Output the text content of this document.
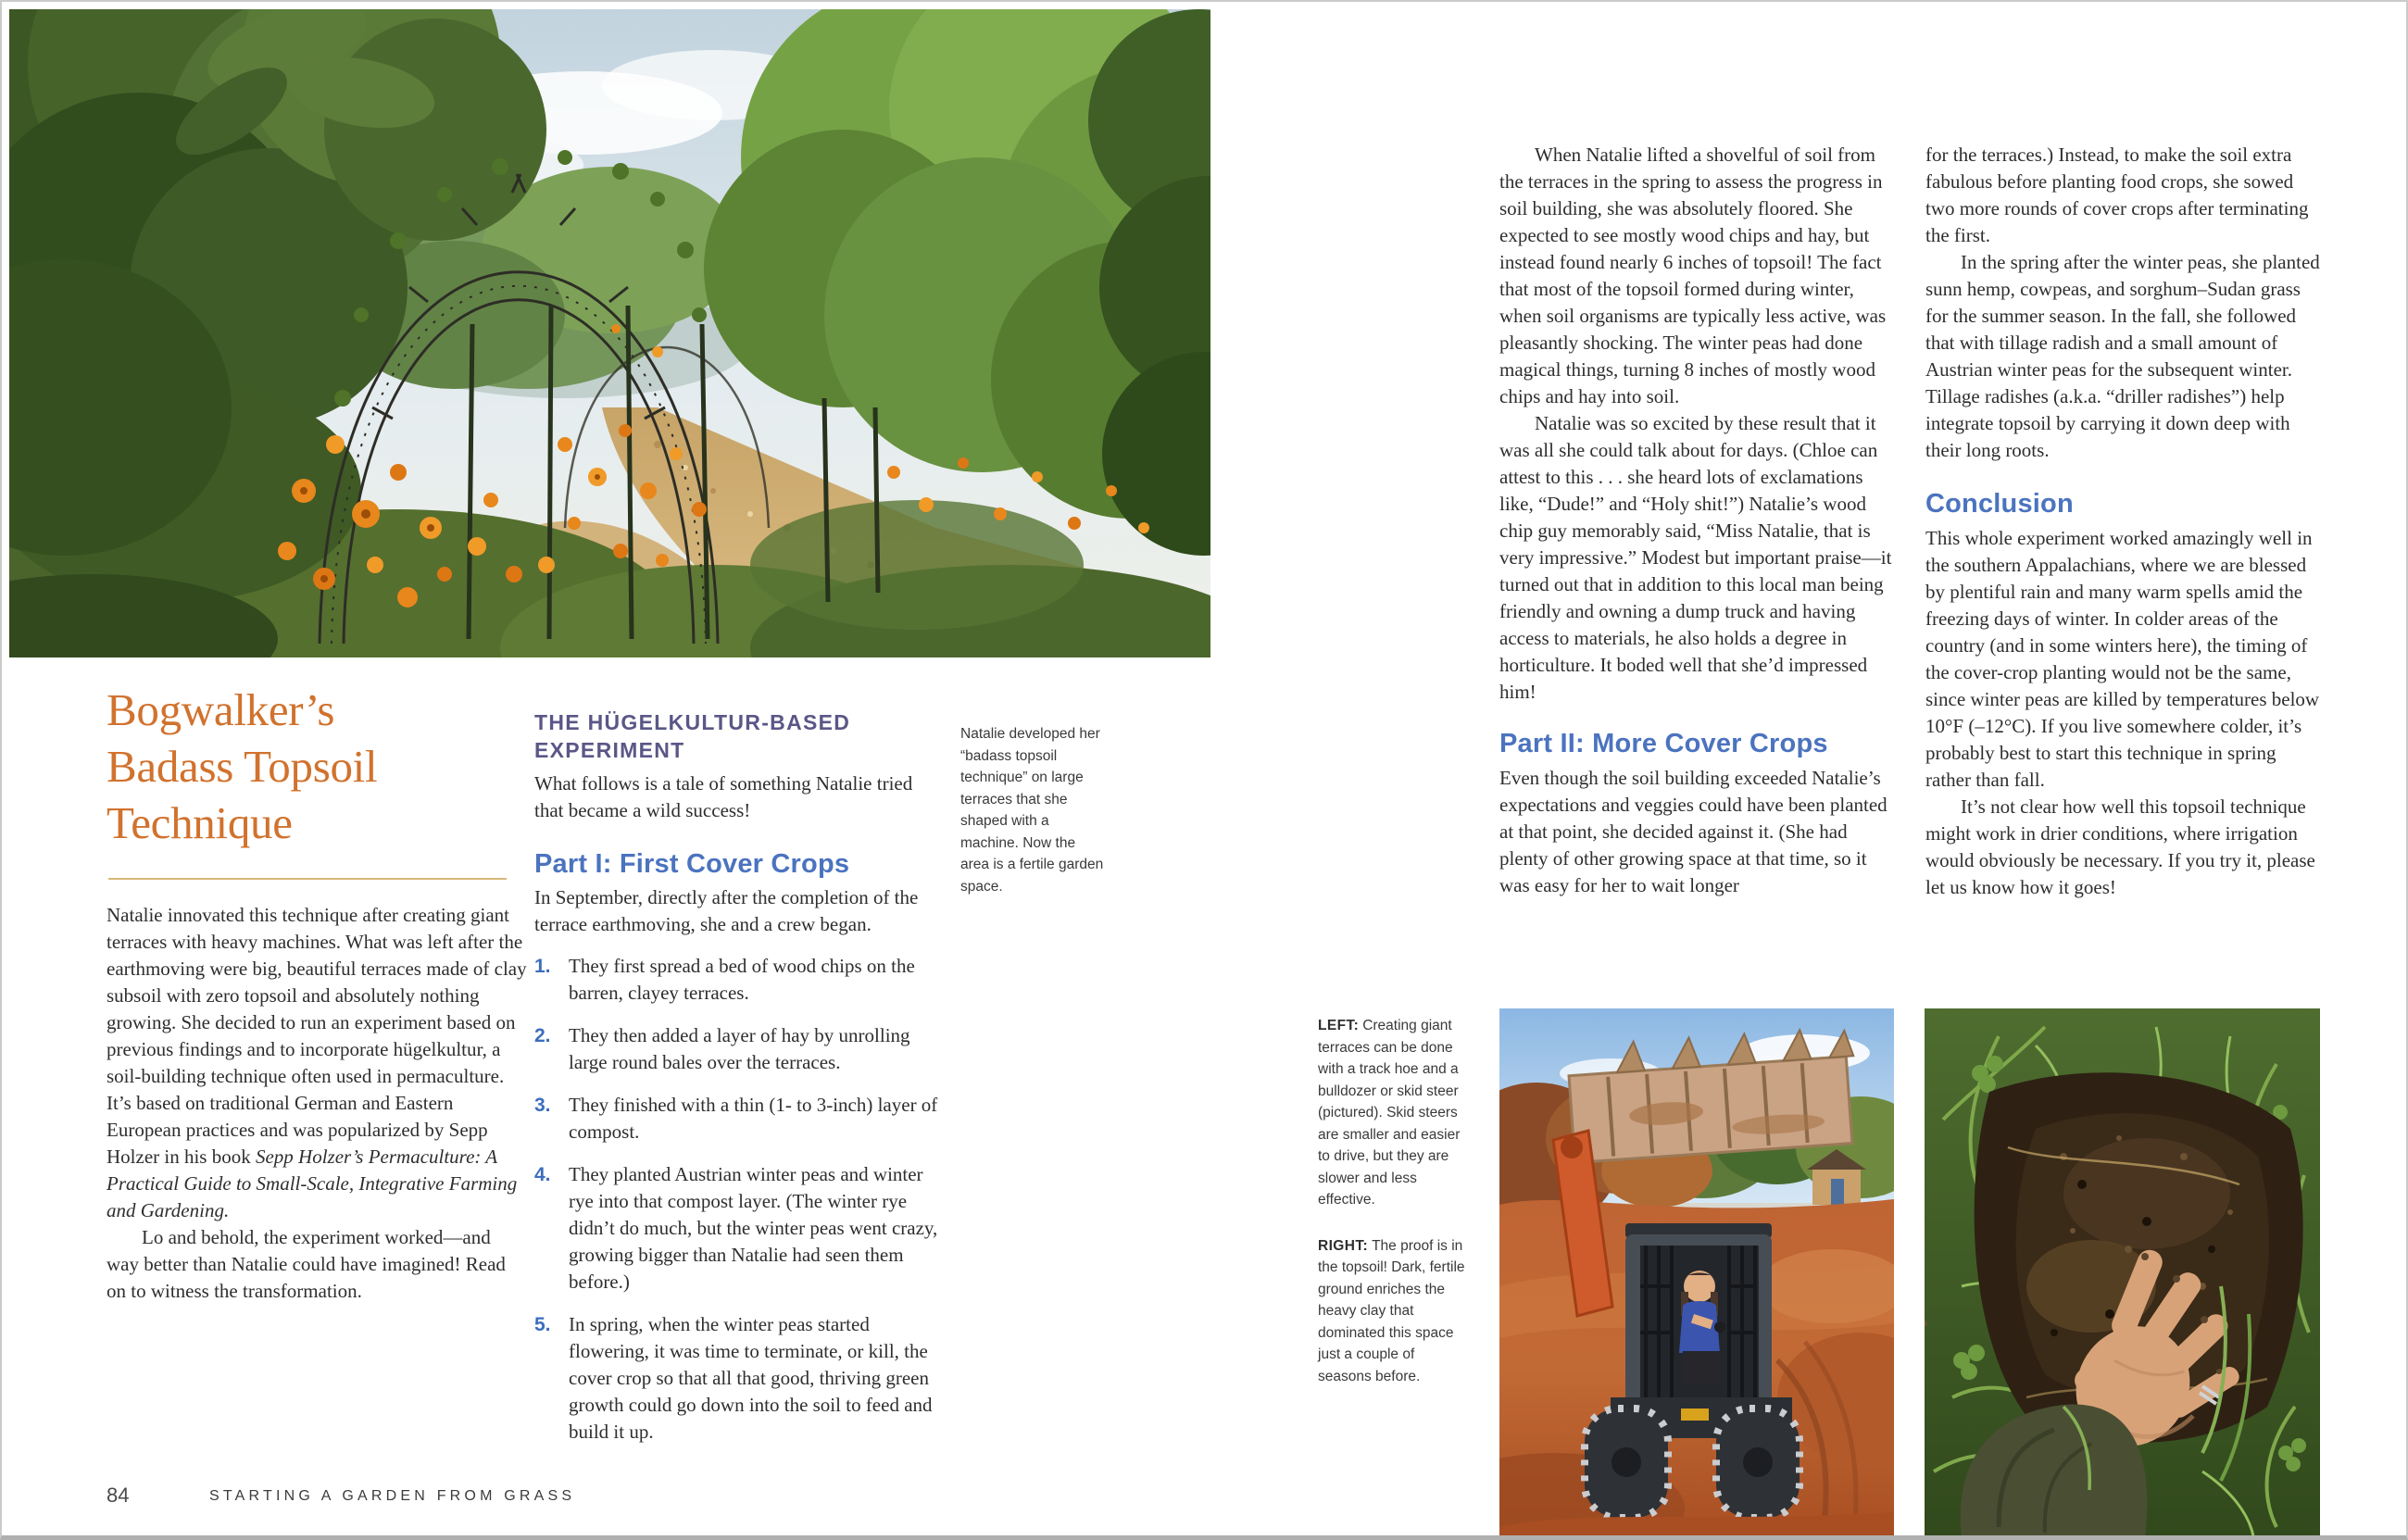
Bogwalker’s
Badass Topsoil
Technique

Natalie innovated this technique after creating giant terraces with heavy machines. What was left after the earthmoving were big, beautiful terraces made of clay subsoil with zero topsoil and absolutely nothing growing. She decided to run an experiment based on previous findings and to incorporate hügelkultur, a soil-building technique often used in permaculture. It’s based on traditional German and Eastern European practices and was popularized by Sepp Holzer in his book Sepp Holzer’s Permaculture: A Practical Guide to Small-Scale, Integrative Farming and Gardening.

Lo and behold, the experiment worked—and way better than Natalie could have imagined! Read on to witness the transformation.

THE HÜGELKULTUR-BASED EXPERIMENT

What follows is a tale of something Natalie tried that became a wild success!

Part I: First Cover Crops

In September, directly after the completion of the terrace earthmoving, she and a crew began.

1. They first spread a bed of wood chips on the barren, clayey terraces.
2. They then added a layer of hay by unrolling large round bales over the terraces.
3. They finished with a thin (1- to 3-inch) layer of compost.
4. They planted Austrian winter peas and winter rye into that compost layer. (The winter rye didn’t do much, but the winter peas went crazy, growing bigger than Natalie had seen them before.)
5. In spring, when the winter peas started flowering, it was time to terminate, or kill, the cover crop so that all that good, thriving green growth could go down into the soil to feed and build it up.

Natalie developed her “badass topsoil technique” on large terraces that she shaped with a machine. Now the area is a fertile garden space.

When Natalie lifted a shovelful of soil from the terraces in the spring to assess the progress in soil building, she was absolutely floored. She expected to see mostly wood chips and hay, but instead found nearly 6 inches of topsoil! The fact that most of the topsoil formed during winter, when soil organisms are typically less active, was pleasantly shocking. The winter peas had done magical things, turning 8 inches of mostly wood chips and hay into soil.

Natalie was so excited by these result that it was all she could talk about for days. (Chloe can attest to this . . . she heard lots of exclamations like, “Dude!” and “Holy shit!”) Natalie’s wood chip guy memorably said, “Miss Natalie, that is very impressive.” Modest but important praise—it turned out that in addition to this local man being friendly and owning a dump truck and having access to materials, he also holds a degree in horticulture. It boded well that she’d impressed him!

Part II: More Cover Crops

Even though the soil building exceeded Natalie’s expectations and veggies could have been planted at that point, she decided against it. (She had plenty of other growing space at that time, so it was easy for her to wait longer

for the terraces.) Instead, to make the soil extra fabulous before planting food crops, she sowed two more rounds of cover crops after terminating the first.

In the spring after the winter peas, she planted sunn hemp, cowpeas, and sorghum–Sudan grass for the summer season. In the fall, she followed that with tillage radish and a small amount of Austrian winter peas for the subsequent winter. Tillage radishes (a.k.a. “driller radishes”) help integrate topsoil by carrying it down deep with their long roots.

Conclusion

This whole experiment worked amazingly well in the southern Appalachians, where we are blessed by plentiful rain and many warm spells amid the freezing days of winter. In colder areas of the country (and in some winters here), the timing of the cover-crop planting would not be the same, since winter peas are killed by temperatures below 10°F (–12°C). If you live somewhere colder, it’s probably best to start this technique in spring rather than fall.

It’s not clear how well this topsoil technique might work in drier conditions, where irrigation would obviously be necessary. If you try it, please let us know how it goes!

LEFT: Creating giant terraces can be done with a track hoe and a bulldozer or skid steer (pictured). Skid steers are smaller and easier to drive, but they are slower and less effective.

RIGHT: The proof is in the topsoil! Dark, fertile ground enriches the heavy clay that dominated this space just a couple of seasons before.

84	STARTING A GARDEN FROM GRASS
